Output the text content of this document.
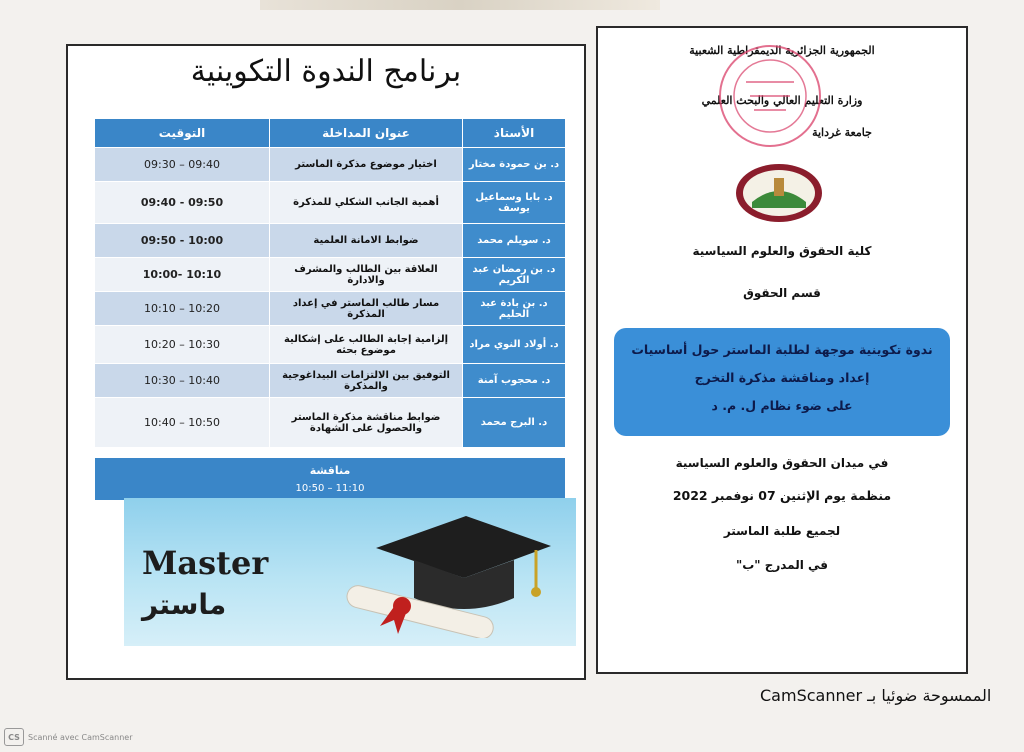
برنامج الندوة التكوينية
الأستاذ	عنوان المداخلة	التوقيت
د. بن حمودة مختار	اختيار موضوع مذكرة الماستر	09:30 – 09:40
د. بابا وسماعيل يوسف	أهمية الجانب الشكلي للمذكرة	09:40 - 09:50
د. سويلم محمد	ضوابط الامانة العلمية	09:50 - 10:00
د. بن رمضان عبد الكريم	العلاقة بين الطالب والمشرف والادارة	10:00- 10:10
د. بن بادة عبد الحليم	مسار طالب الماستر في إعداد المذكرة	10:10 – 10:20
د. أولاد النوي مراد	إلزامية إجابة الطالب على إشكالية موضوع بحثه	10:20 – 10:30
د. محجوب آمنة	التوفيق بين الالتزامات البيداغوجية والمذكرة	10:30 – 10:40
د. البرج محمد	ضوابط مناقشة مذكرة الماستر والحصول على الشهادة	10:40 – 10:50
مناقشة
10:50 – 11:10
Master
ماستر
الجمهورية الجزائرية الديمقراطية الشعبية
وزارة التعليم العالي والبحث العلمي
جامعة غرداية
كلية الحقوق والعلوم السياسية
قسم الحقوق
ندوة تكوينية موجهة لطلبة الماستر حول أساسيات
إعداد ومناقشة مذكرة التخرج
على ضوء نظام ل. م. د
في ميدان الحقوق والعلوم السياسية
منظمة يوم الإثنين 07 نوفمبر 2022
لجميع طلبة الماستر
في المدرج "ب"
الممسوحة ضوئيا بـ CamScanner
CS	Scanné avec CamScanner
